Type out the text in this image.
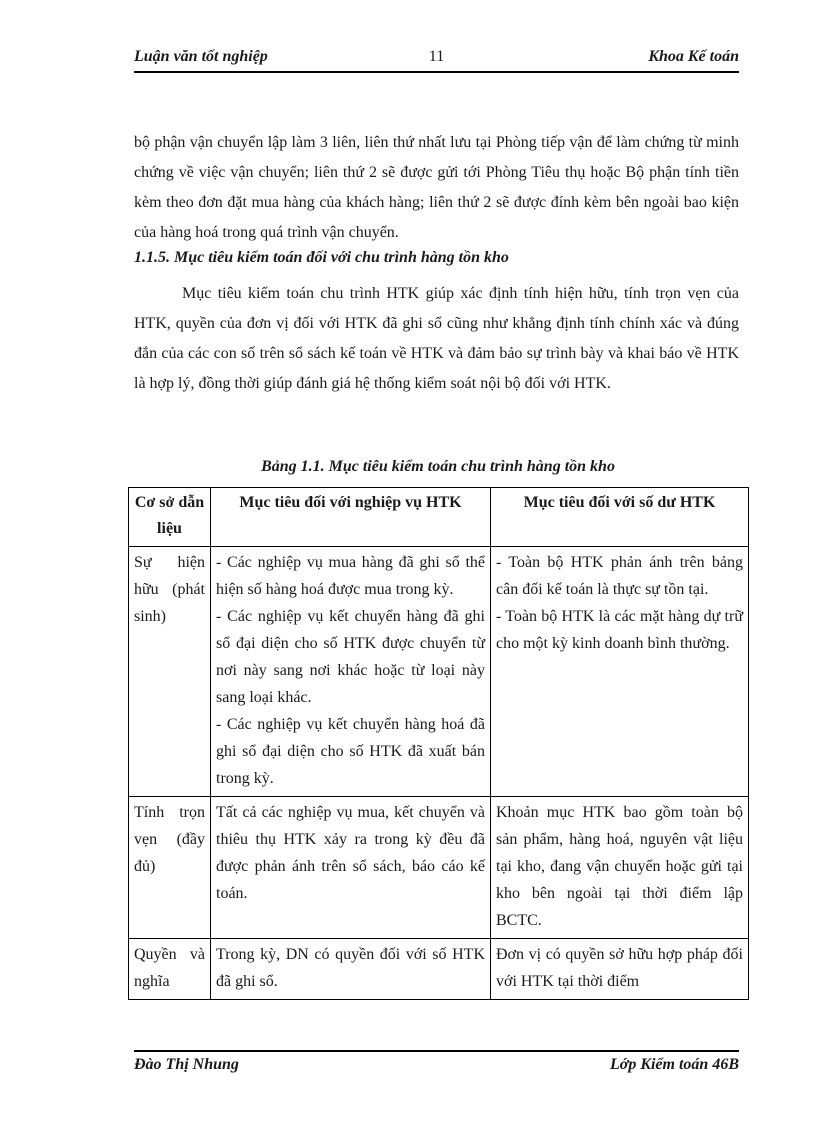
Luận văn tốt nghiệp	11	Khoa Kế toán
bộ phận vận chuyển lập làm 3 liên, liên thứ nhất lưu tại Phòng tiếp vận để làm chứng từ minh chứng về việc vận chuyển; liên thứ 2 sẽ được gửi tới Phòng Tiêu thụ hoặc Bộ phận tính tiền kèm theo đơn đặt mua hàng của khách hàng; liên thứ 2 sẽ được đính kèm bên ngoài bao kiện của hàng hoá trong quá trình vận chuyển.
1.1.5. Mục tiêu kiểm toán đối với chu trình hàng tồn kho
Mục tiêu kiểm toán chu trình HTK giúp xác định tính hiện hữu, tính trọn vẹn của HTK, quyền của đơn vị đối với HTK đã ghi sổ cũng như khẳng định tính chính xác và đúng đắn của các con số trên sổ sách kế toán về HTK và đảm bảo sự trình bày và khai báo về HTK là hợp lý, đồng thời giúp đánh giá hệ thống kiểm soát nội bộ đối với HTK.
Bảng 1.1. Mục tiêu kiểm toán chu trình hàng tồn kho
Cơ sở dẫn liệu	Mục tiêu đối với nghiệp vụ HTK	Mục tiêu đối với số dư HTK
Sự hiện hữu (phát sinh)	- Các nghiệp vụ mua hàng đã ghi sổ thể hiện số hàng hoá được mua trong kỳ.
- Các nghiệp vụ kết chuyển hàng đã ghi sổ đại diện cho số HTK được chuyển từ nơi này sang nơi khác hoặc từ loại này sang loại khác.
- Các nghiệp vụ kết chuyển hàng hoá đã ghi sổ đại diện cho số HTK đã xuất bán trong kỳ.	- Toàn bộ HTK phản ánh trên bảng cân đối kế toán là thực sự tồn tại.
- Toàn bộ HTK là các mặt hàng dự trữ cho một kỳ kinh doanh bình thường.

Tính trọn vẹn (đầy đủ)	Tất cả các nghiệp vụ mua, kết chuyển và thiêu thụ HTK xảy ra trong kỳ đều đã được phản ánh trên sổ sách, báo cáo kế toán.	Khoản mục HTK bao gồm toàn bộ sản phẩm, hàng hoá, nguyên vật liệu tại kho, đang vận chuyển hoặc gửi tại kho bên ngoài tại thời điểm lập BCTC.

Quyền và nghĩa	Trong kỳ, DN có quyền đối với số HTK đã ghi sổ.	Đơn vị có quyền sở hữu hợp pháp đối với HTK tại thời điểm
Đào Thị Nhung	Lớp Kiểm toán 46B
